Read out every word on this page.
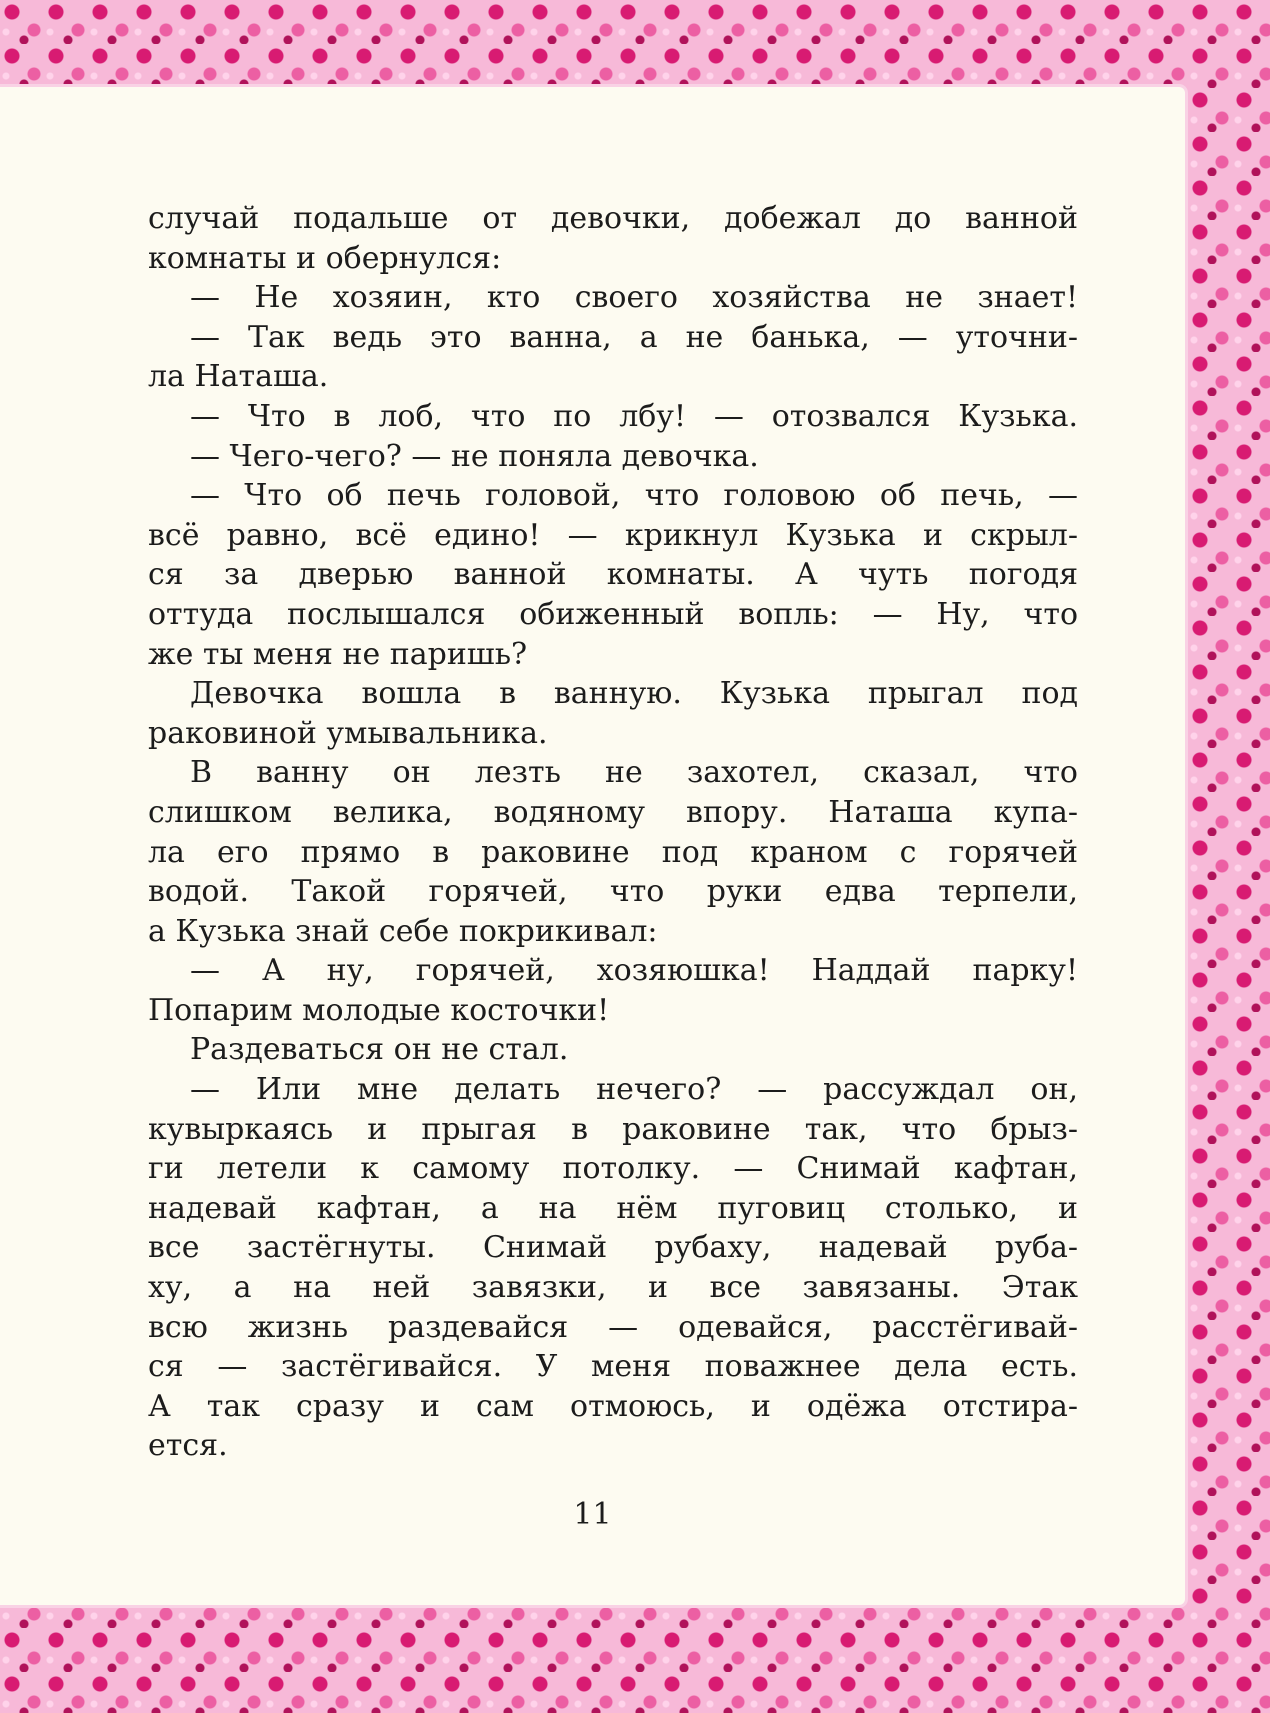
случай подальше от девочки, добежал до ванной
комнаты и обернулся:
— Не хозяин, кто своего хозяйства не знает!
— Так ведь это ванна, а не банька, — уточни-
ла Наташа.
— Что в лоб, что по лбу! — отозвался Кузька.
— Чего-чего? — не поняла девочка.
— Что об печь головой, что головою об печь, —
всё равно, всё едино! — крикнул Кузька и скрыл-
ся за дверью ванной комнаты. А чуть погодя
оттуда послышался обиженный вопль: — Ну, что
же ты меня не паришь?
Девочка вошла в ванную. Кузька прыгал под
раковиной умывальника.
В ванну он лезть не захотел, сказал, что
слишком велика, водяному впору. Наташа купа-
ла его прямо в раковине под краном с горячей
водой. Такой горячей, что руки едва терпели,
а Кузька знай себе покрикивал:
— А ну, горячей, хозяюшка! Наддай парку!
Попарим молодые косточки!
Раздеваться он не стал.
— Или мне делать нечего? — рассуждал он,
кувыркаясь и прыгая в раковине так, что брыз-
ги летели к самому потолку. — Снимай кафтан,
надевай кафтан, а на нём пуговиц столько, и
все застёгнуты. Снимай рубаху, надевай руба-
ху, а на ней завязки, и все завязаны. Этак
всю жизнь раздевайся — одевайся, расстёгивай-
ся — застёгивайся. У меня поважнее дела есть.
А так сразу и сам отмоюсь, и одёжа отстира-
ется.
11
